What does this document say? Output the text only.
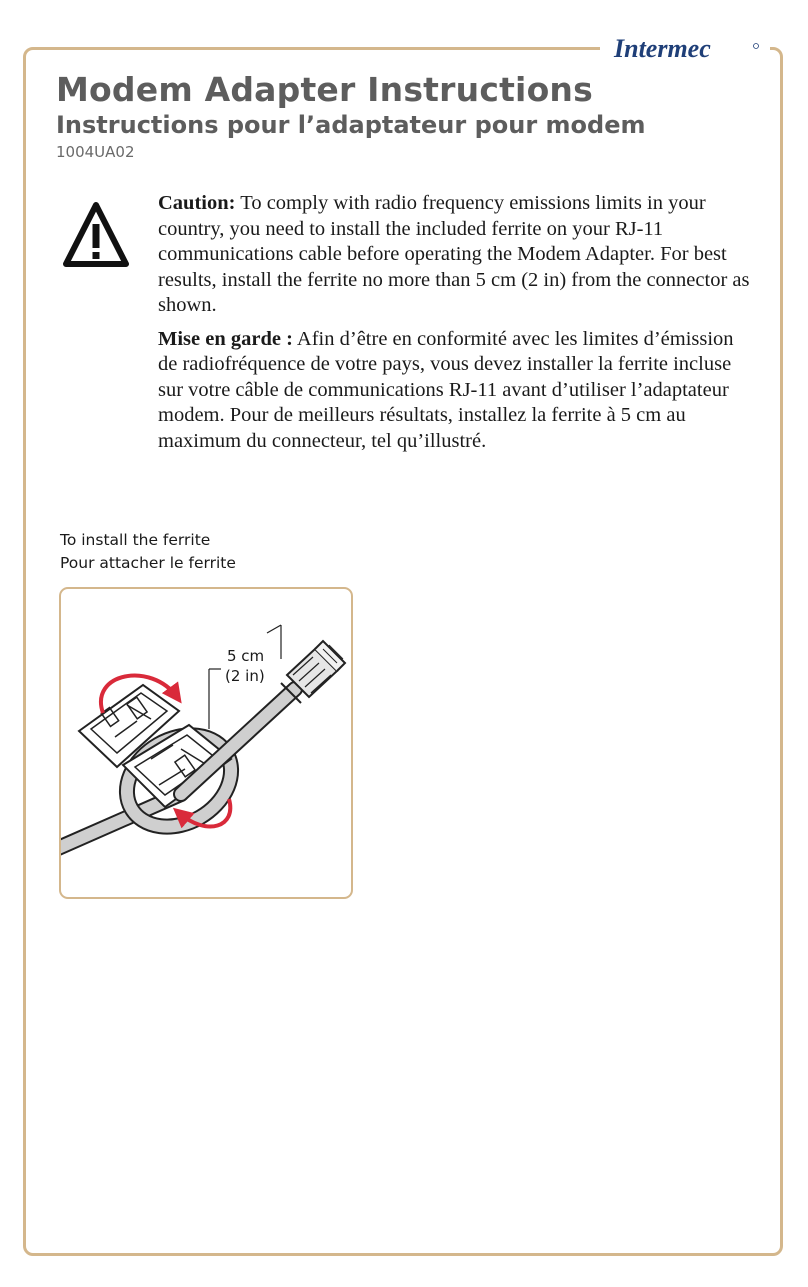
Intermec
Modem Adapter Instructions
Instructions pour l’adaptateur pour modem
1004UA02

Caution: To comply with radio frequency emissions limits in your country, you need to install the included ferrite on your RJ-11 communications cable before operating the Modem Adapter. For best results, install the ferrite no more than 5 cm (2 in) from the connector as shown.

Mise en garde : Afin d’être en conformité avec les limites d’émission de radiofréquence de votre pays, vous devez installer la ferrite incluse sur votre câble de communications RJ-11 avant d’utiliser l’adaptateur modem. Pour de meilleurs résultats, installez la ferrite à 5 cm au maximum du connecteur, tel qu’illustré.

To install the ferrite
Pour attacher le ferrite
5 cm
(2 in)
